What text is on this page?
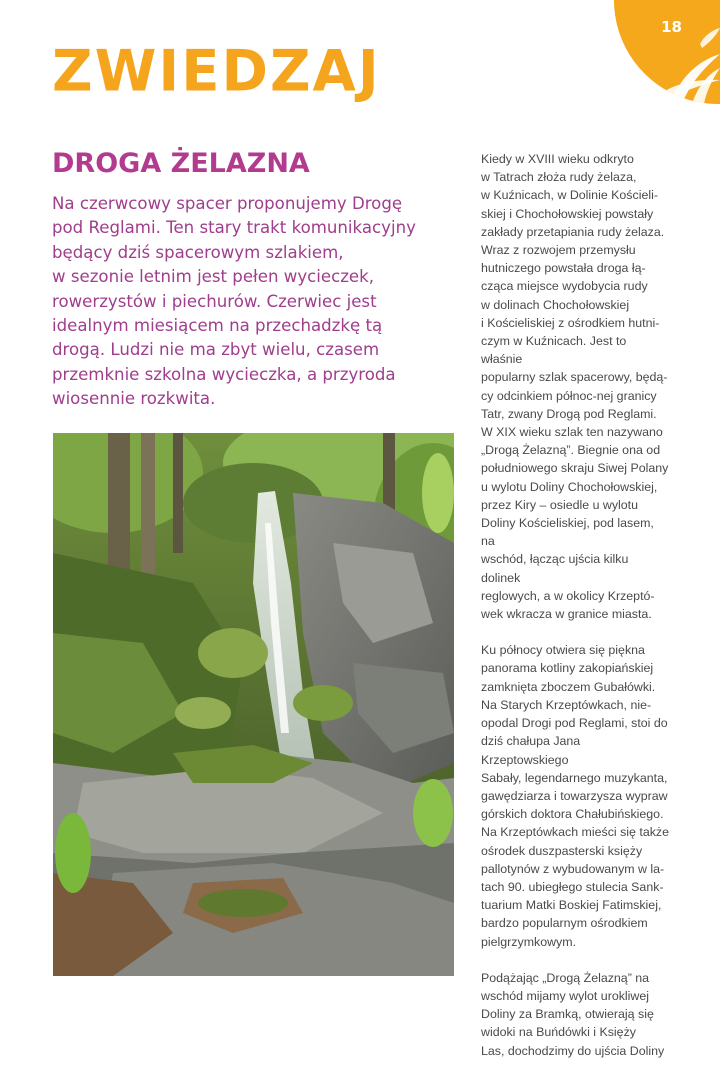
18
ZWIEDZAJ
DROGA ŻELAZNA

Na czerwcowy spacer proponujemy Drogę
pod Reglami. Ten stary trakt komunikacyjny
będący dziś spacerowym szlakiem,
w sezonie letnim jest pełen wycieczek,
rowerzystów i piechurów. Czerwiec jest
idealnym miesiącem na przechadzkę tą
drogą. Ludzi nie ma zbyt wielu, czasem
przemknie szkolna wycieczka, a przyroda
wiosennie rozkwita.

Kiedy w XVIII wieku odkryto
w Tatrach złoża rudy żelaza,
w Kuźnicach, w Dolinie Kościeli-
skiej i Chochołowskiej powstały
zakłady przetapiania rudy żelaza.
Wraz z rozwojem przemysłu
hutniczego powstała droga łą-
cząca miejsce wydobycia rudy
w dolinach Chochołowskiej
i Kościeliskiej z ośrodkiem hutni-
czym w Kuźnicach. Jest to właśnie
popularny szlak spacerowy, będą-
cy odcinkiem północ-nej granicy
Tatr, zwany Drogą pod Reglami.
W XIX wieku szlak ten nazywano
„Drogą Żelazną”. Biegnie ona od
południowego skraju Siwej Polany
u wylotu Doliny Chochołowskiej,
przez Kiry – osiedle u wylotu
Doliny Kościeliskiej, pod lasem, na
wschód, łącząc ujścia kilku dolinek
reglowych, a w okolicy Krzeptó-
wek wkracza w granice miasta.

Ku północy otwiera się piękna
panorama kotliny zakopiańskiej
zamknięta zboczem Gubałówki.
Na Starych Krzeptówkach, nie-
opodal Drogi pod Reglami, stoi do
dziś chałupa Jana Krzeptowskiego
Sabały, legendarnego muzykanta,
gawędziarza i towarzysza wypraw
górskich doktora Chałubińskiego.
Na Krzeptówkach mieści się także
ośrodek duszpasterski księży
pallotynów z wybudowanym w la-
tach 90. ubiegłego stulecia Sank-
tuarium Matki Boskiej Fatimskiej,
bardzo popularnym ośrodkiem
pielgrzymkowym.

Podążając „Drogą Żelazną” na
wschód mijamy wylot urokliwej
Doliny za Bramką, otwierają się
widoki na Buńdówki i Księży
Las, dochodzimy do ujścia Doliny
